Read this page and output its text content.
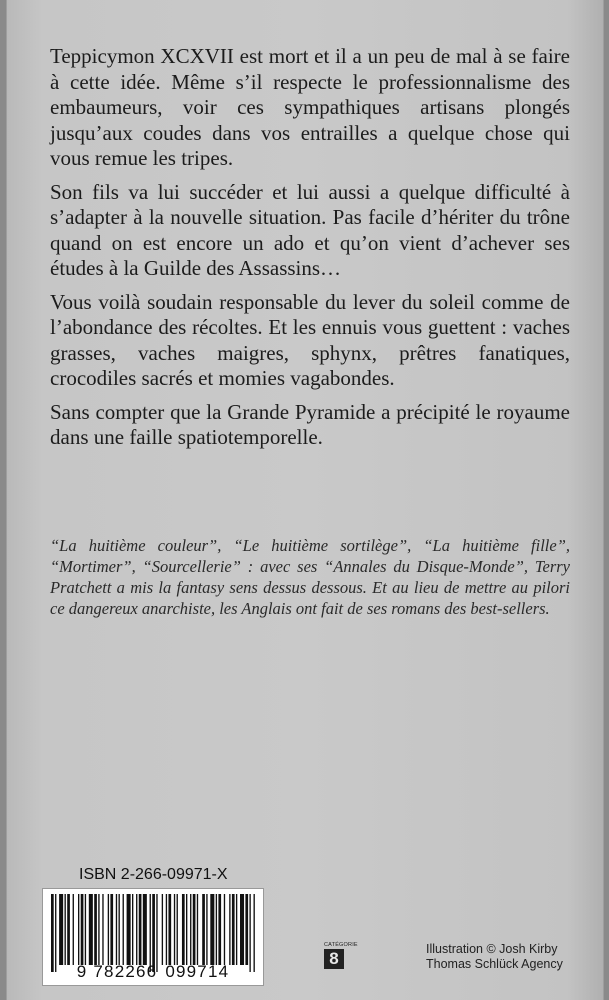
Teppicymon XCXVII est mort et il a un peu de mal à se faire à cette idée. Même s’il respecte le professionnalisme des embaumeurs, voir ces sympathiques artisans plongés jusqu’aux coudes dans vos entrailles a quelque chose qui vous remue les tripes.

Son fils va lui succéder et lui aussi a quelque difficulté à s’adapter à la nouvelle situation. Pas facile d’hériter du trône quand on est encore un ado et qu’on vient d’achever ses études à la Guilde des Assassins…

Vous voilà soudain responsable du lever du soleil comme de l’abondance des récoltes. Et les ennuis vous guettent : vaches grasses, vaches maigres, sphynx, prêtres fanatiques, crocodiles sacrés et momies vagabondes.

Sans compter que la Grande Pyramide a précipité le royaume dans une faille spatiotemporelle.

“La huitième couleur”, “Le huitième sortilège”, “La huitième fille”, “Mortimer”, “Sourcellerie” : avec ses “Annales du Disque-Monde”, Terry Pratchett a mis la fantasy sens dessus dessous. Et au lieu de mettre au pilori ce dangereux anarchiste, les Anglais ont fait de ses romans des best-sellers.
ISBN 2-266-09971-X
9 782266 099714
CATÉGORIE
8	Illustration © Josh Kirby
Thomas Schlück Agency
